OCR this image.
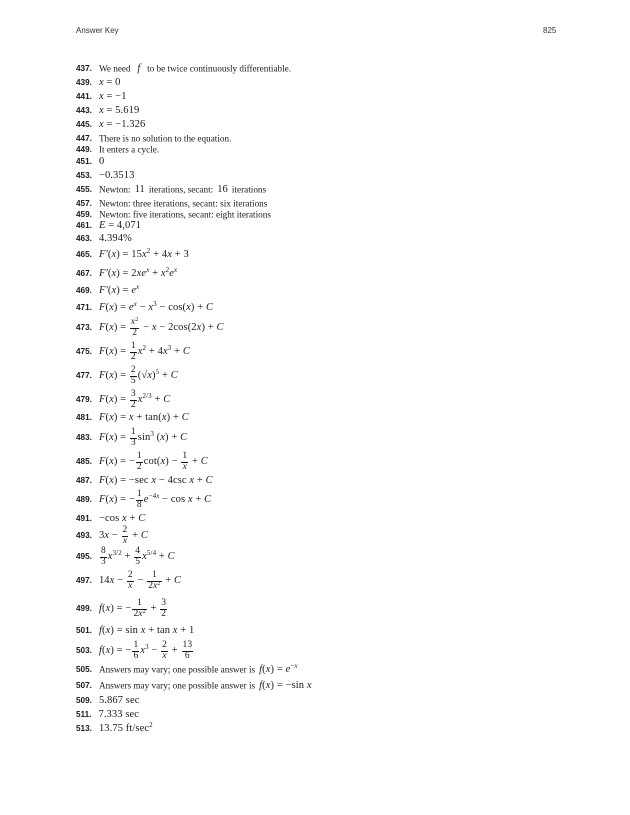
Answer Key	825
437. We need  f  to be twice continuously differentiable.
439. x = 0
441. x = −1
443. x = 5.619
445. x = −1.326
447. There is no solution to the equation.
449. It enters a cycle.
451. 0
453. −0.3513
455. Newton: 11 iterations, secant: 16 iterations
457. Newton: three iterations, secant: six iterations
459. Newton: five iterations, secant: eight iterations
461. E = 4,071
463. 4.394%
465. $F'(x) = 15x^2 + 4x + 3$
467. $F'(x) = 2xe^x + x^2e^x$
469. $F'(x) = e^x$
471. $F(x) = e^x - x^3 - \cos(x) + C$
473. $F(x) = \frac{x^2}{2} - x - 2\cos(2x) + C$
475. $F(x) = \frac{1}{2} x^2 + 4x^3 + C$
477. $F(x) = \frac{2}{5} (√x)^5 + C$
479. $F(x) = \frac{3}{2} x^{2/3} + C$
481. F(x) = x + tan(x) + C
483. $F(x) = \frac{1}{3} \sin^3 (x) + C$
485. F(x) = − $\frac{1}{2} \cot(x) - \frac{1}{x} + C$
487. F(x) = −sec x − 4csc x + C
489. F(x) = − $\frac{1}{8} e^{-4x} - \cos x + C$
491. −cos x + C
493. $3x - \frac{2}{x} + C$
495. $\frac{8}{3} x^{3/2} + \frac{4}{5} x^{5/4} + C$
497. $14x - \frac{2}{x} - \frac{1}{2x^2} + C$
499. f(x) = − $\frac{1}{2x^2} + \frac{3}{2}$
501. f(x) = sin x + tan x + 1
503. f(x) = − $\frac{1}{6} x^3 - \frac{2}{x} + \frac{13}{6}$
505. Answers may vary; one possible answer is $f(x) = e^{-x}$
507. Answers may vary; one possible answer is f(x) = −sin x
509. 5.867 sec
511. 7.333 sec
513. 13.75 $ft/\sec^2$
